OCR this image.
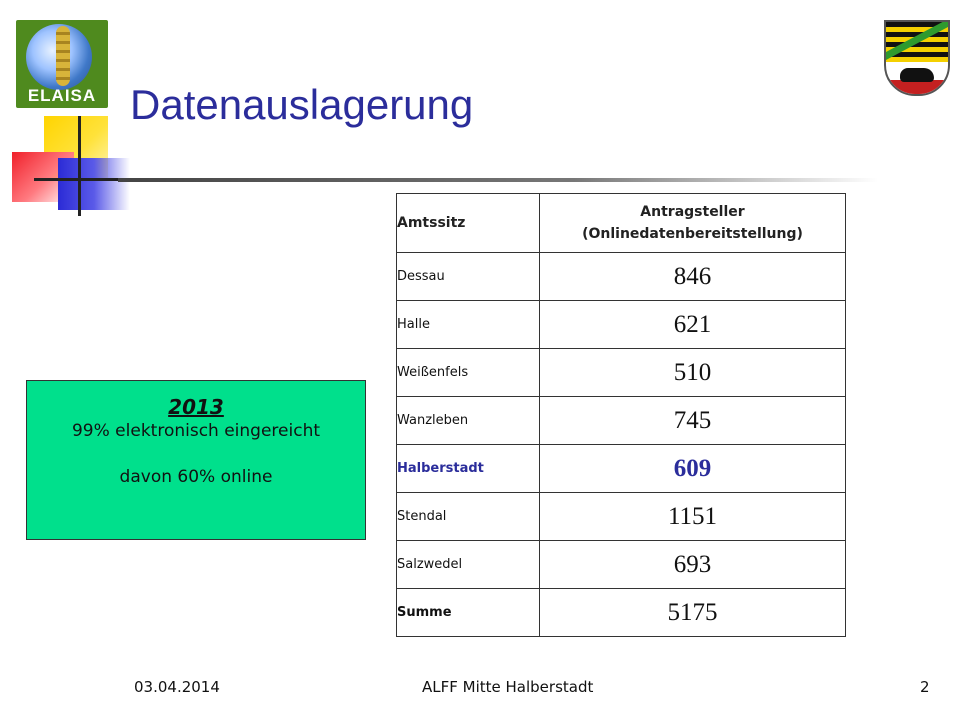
ELAISA Datenauslagerung
Amtssitz	Antragsteller
(Onlinedatenbereitstellung)
Dessau	846
Halle	621
Weißenfels	510
Wanzleben	745
Halberstadt	609
Stendal	1151
Salzwedel	693
Summe	5175
2013
99% elektronisch eingereicht
davon 60% online
03.04.2014	ALFF Mitte Halberstadt	2
